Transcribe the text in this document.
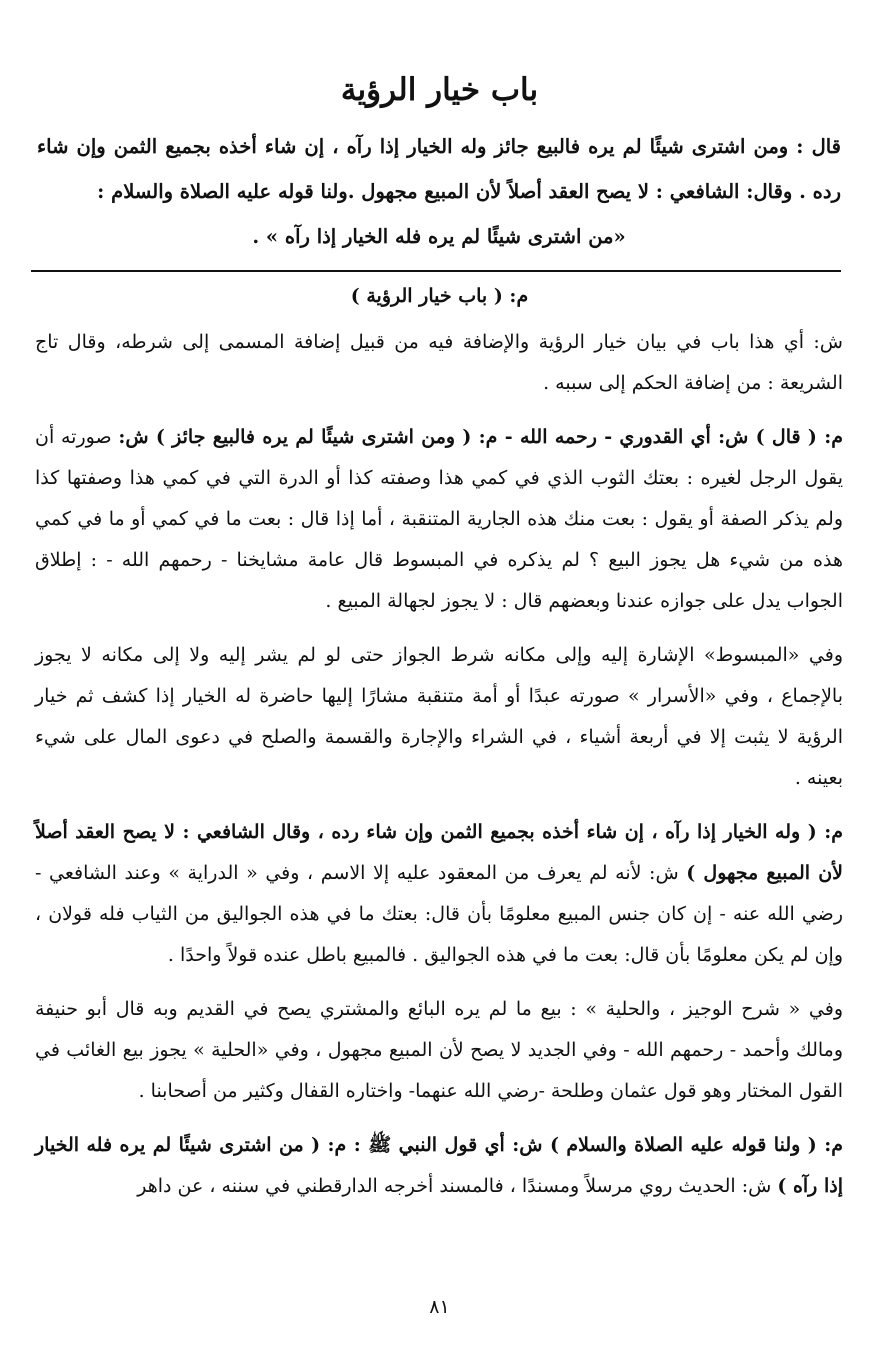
باب خيار الرؤية
قال : ومن اشترى شيئًا لم يره فالبيع جائز وله الخيار إذا رآه ، إن شاء أخذه بجميع الثمن وإن شاء رده . وقال: الشافعي : لا يصح العقد أصلاً لأن المبيع مجهول .ولنا قوله عليه الصلاة والسلام :
«من اشترى شيئًا لم يره فله الخيار إذا رآه » .
م: ( باب خيار الرؤية )

ش: أي هذا باب في بيان خيار الرؤية والإضافة فيه من قبيل إضافة المسمى إلى شرطه، وقال تاج الشريعة : من إضافة الحكم إلى سببه .

م: ( قال ) ش: أي القدوري - رحمه الله - م: ( ومن اشترى شيئًا لم يره فالبيع جائز ) ش: صورته أن يقول الرجل لغيره : بعتك الثوب الذي في كمي هذا وصفته كذا أو الدرة التي في كمي هذا وصفتها كذا ولم يذكر الصفة أو يقول : بعت منك هذه الجارية المتنقبة ، أما إذا قال : بعت ما في كمي أو ما في كمي هذه من شيء هل يجوز البيع ؟ لم يذكره في المبسوط قال عامة مشايخنا - رحمهم الله - : إطلاق الجواب يدل على جوازه عندنا وبعضهم قال : لا يجوز لجهالة المبيع .

وفي «المبسوط» الإشارة إليه وإلى مكانه شرط الجواز حتى لو لم يشر إليه ولا إلى مكانه لا يجوز بالإجماع ، وفي «الأسرار » صورته عبدًا أو أمة متنقبة مشارًا إليها حاضرة له الخيار إذا كشف ثم خيار الرؤية لا يثبت إلا في أربعة أشياء ، في الشراء والإجارة والقسمة والصلح في دعوى المال على شيء بعينه .

م: ( وله الخيار إذا رآه ، إن شاء أخذه بجميع الثمن وإن شاء رده ، وقال الشافعي : لا يصح العقد أصلاً لأن المبيع مجهول ) ش: لأنه لم يعرف من المعقود عليه إلا الاسم ، وفي « الدراية » وعند الشافعي - رضي الله عنه - إن كان جنس المبيع معلومًا بأن قال: بعتك ما في هذه الجواليق من الثياب فله قولان ، وإن لم يكن معلومًا بأن قال: بعت ما في هذه الجواليق . فالمبيع باطل عنده قولاً واحدًا .

وفي « شرح الوجيز ، والحلية » : بيع ما لم يره البائع والمشتري يصح في القديم وبه قال أبو حنيفة ومالك وأحمد - رحمهم الله - وفي الجديد لا يصح لأن المبيع مجهول ، وفي «الحلية » يجوز بيع الغائب في القول المختار وهو قول عثمان وطلحة -رضي الله عنهما- واختاره القفال وكثير من أصحابنا .

م: ( ولنا قوله عليه الصلاة والسلام ) ش: أي قول النبي ﷺ : م: ( من اشترى شيئًا لم يره فله الخيار إذا رآه ) ش: الحديث روي مرسلاً ومسندًا ، فالمسند أخرجه الدارقطني في سننه ، عن داهر

٨١
